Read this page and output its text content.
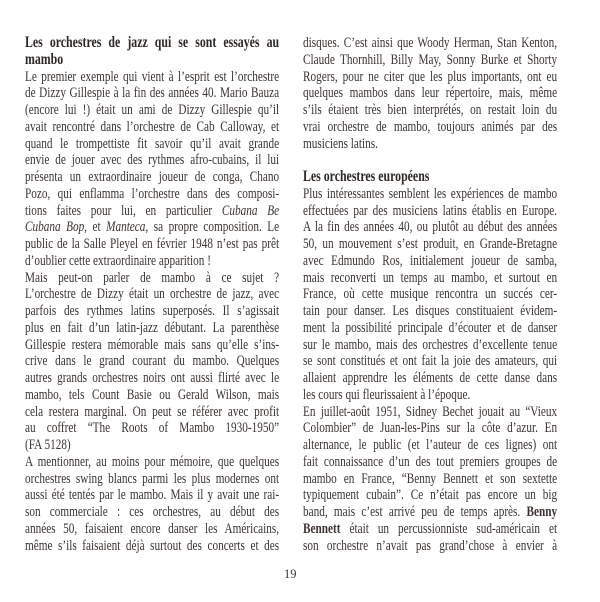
Les orchestres de jazz qui se sont essayés au
mambo
Le premier exemple qui vient à l’esprit est l’orchestre
de Dizzy Gillespie à la fin des années 40. Mario Bauza
(encore lui !) était un ami de Dizzy Gillespie qu’il
avait rencontré dans l’orchestre de Cab Calloway, et
quand le trompettiste fit savoir qu’il avait grande
envie de jouer avec des rythmes afro-cubains, il lui
présenta un extraordinaire joueur de conga, Chano
Pozo, qui enflamma l’orchestre dans des composi-
tions faites pour lui, en particulier Cubana Be
Cubana Bop, et Manteca, sa propre composition. Le
public de la Salle Pleyel en février 1948 n’est pas prêt
d’oublier cette extraordinaire apparition !
Mais peut-on parler de mambo à ce sujet ?
L’orchestre de Dizzy était un orchestre de jazz, avec
parfois des rythmes latins superposés. Il s’agissait
plus en fait d’un latin-jazz débutant. La parenthèse
Gillespie restera mémorable mais sans qu’elle s’ins-
crive dans le grand courant du mambo. Quelques
autres grands orchestres noirs ont aussi flirté avec le
mambo, tels Count Basie ou Gerald Wilson, mais
cela restera marginal. On peut se référer avec profit
au coffret “The Roots of Mambo 1930-1950”
(FA 5128)
A mentionner, au moins pour mémoire, que quelques
orchestres swing blancs parmi les plus modernes ont
aussi été tentés par le mambo. Mais il y avait une rai-
son commerciale : ces orchestres, au début des
années 50, faisaient encore danser les Américains,
même s’ils faisaient déjà surtout des concerts et des
disques. C’est ainsi que Woody Herman, Stan Kenton,
Claude Thornhill, Billy May, Sonny Burke et Shorty
Rogers, pour ne citer que les plus importants, ont eu
quelques mambos dans leur répertoire, mais, même
s’ils étaient très bien interprétés, on restait loin du
vrai orchestre de mambo, toujours animés par des
musiciens latins.

Les orchestres européens
Plus intéressantes semblent les expériences de mambo
effectuées par des musiciens latins établis en Europe.
A la fin des années 40, ou plutôt au début des années
50, un mouvement s’est produit, en Grande-Bretagne
avec Edmundo Ros, initialement joueur de samba,
mais reconverti un temps au mambo, et surtout en
France, où cette musique rencontra un succés cer-
tain pour danser. Les disques constituaient évidem-
ment la possibilité principale d’écouter et de danser
sur le mambo, mais des orchestres d’excellente tenue
se sont constitués et ont fait la joie des amateurs, qui
allaient apprendre les éléments de cette danse dans
les cours qui fleurissaient à l’époque.
En juillet-août 1951, Sidney Bechet jouait au “Vieux
Colombier” de Juan-les-Pins sur la côte d’azur. En
alternance, le public (et l’auteur de ces lignes) ont
fait connaissance d’un des tout premiers groupes de
mambo en France, “Benny Bennett et son sextette
typiquement cubain”. Ce n’était pas encore un big
band, mais c’est arrivé peu de temps après. Benny
Bennett était un percussionniste sud-américain et
son orchestre n’avait pas grand’chose à envier à
19
